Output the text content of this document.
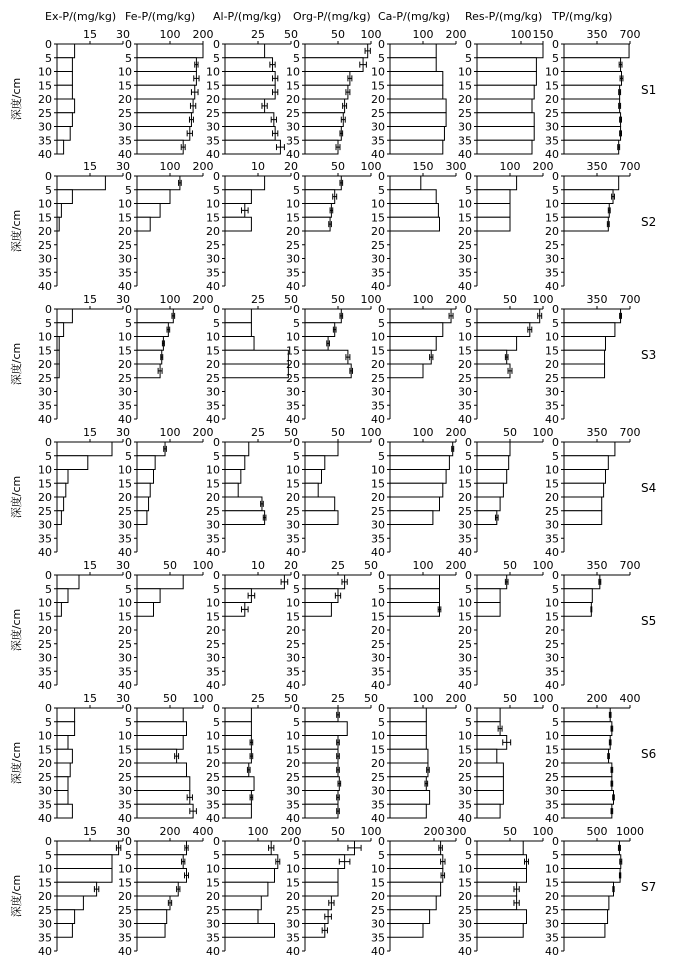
Ex-P/(mg/kg) Fe-P/(mg/kg) Al-P/(mg/kg) Org-P/(mg/kg) Ca-P/(mg/kg) Res-P/(mg/kg) TP/(mg/kg)
深度/cm	S1
0
5
10
15
20
25
30
35
40
15 30
0
5
10
15
20
25
30
35
40
100 200
0
5
10
15
20
25
30
35
40
25 50
0
5
10
15
20
25
30
35
40
50 100
0
5
10
15
20
25
30
35
40
100 200
0
5
10
15
20
25
30
35
40
100 150
0
5
10
15
20
25
30
35
40
350 700
深度/cm	S2
0
5
10
15
20
25
30
35
40
15 30
0
5
10
15
20
25
30
35
40
100 200
0
5
10
15
20
25
30
35
40
10 20
0
5
10
15
20
25
30
35
40
50 100
0
5
10
15
20
25
30
35
40
150 300
0
5
10
15
20
25
30
35
40
100 200
0
5
10
15
20
25
30
35
40
350 700
深度/cm	S3
0
5
10
15
20
25
30
35
40
15 30
0
5
10
15
20
25
30
35
40
100 200
0
5
10
15
20
25
30
35
40
25 50
0
5
10
15
20
25
30
35
40
50 100
0
5
10
15
20
25
30
35
40
100 200
0
5
10
15
20
25
30
35
40
50 100
0
5
10
15
20
25
30
35
40
350 700
深度/cm	S4
0
5
10
15
20
25
30
35
40
15 30
0
5
10
15
20
25
30
35
40
100 200
0
5
10
15
20
25
30
35
40
25 50
0
5
10
15
20
25
30
35
40
50 100
0
5
10
15
20
25
30
35
40
100 200
0
5
10
15
20
25
30
35
40
50 100
0
5
10
15
20
25
30
35
40
350 700
深度/cm	S5
0
5
10
15
20
25
30
35
40
15 30
0
5
10
15
20
25
30
35
40
50 100
0
5
10
15
20
25
30
35
40
10 20
0
5
10
15
20
25
30
35
40
25 50
0
5
10
15
20
25
30
35
40
100 200
0
5
10
15
20
25
30
35
40
50 100
0
5
10
15
20
25
30
35
40
350 700
深度/cm	S6
0
5
10
15
20
25
30
35
40
15 30
0
5
10
15
20
25
30
35
40
50 100
0
5
10
15
20
25
30
35
40
25 50
0
5
10
15
20
25
30
35
40
25 50
0
5
10
15
20
25
30
35
40
100 200
0
5
10
15
20
25
30
35
40
50 100
0
5
10
15
20
25
30
35
40
200 400
深度/cm	S7
0
5
10
15
20
25
30
35
40
15 30
0
5
10
15
20
25
30
35
40
200 400
0
5
10
15
20
25
30
35
40
100 200
0
5
10
15
20
25
30
35
40
50 100
0
5
10
15
20
25
30
35
40
200 300
0
5
10
15
20
25
30
35
40
50 100
0
5
10
15
20
25
30
35
40
500 1000
